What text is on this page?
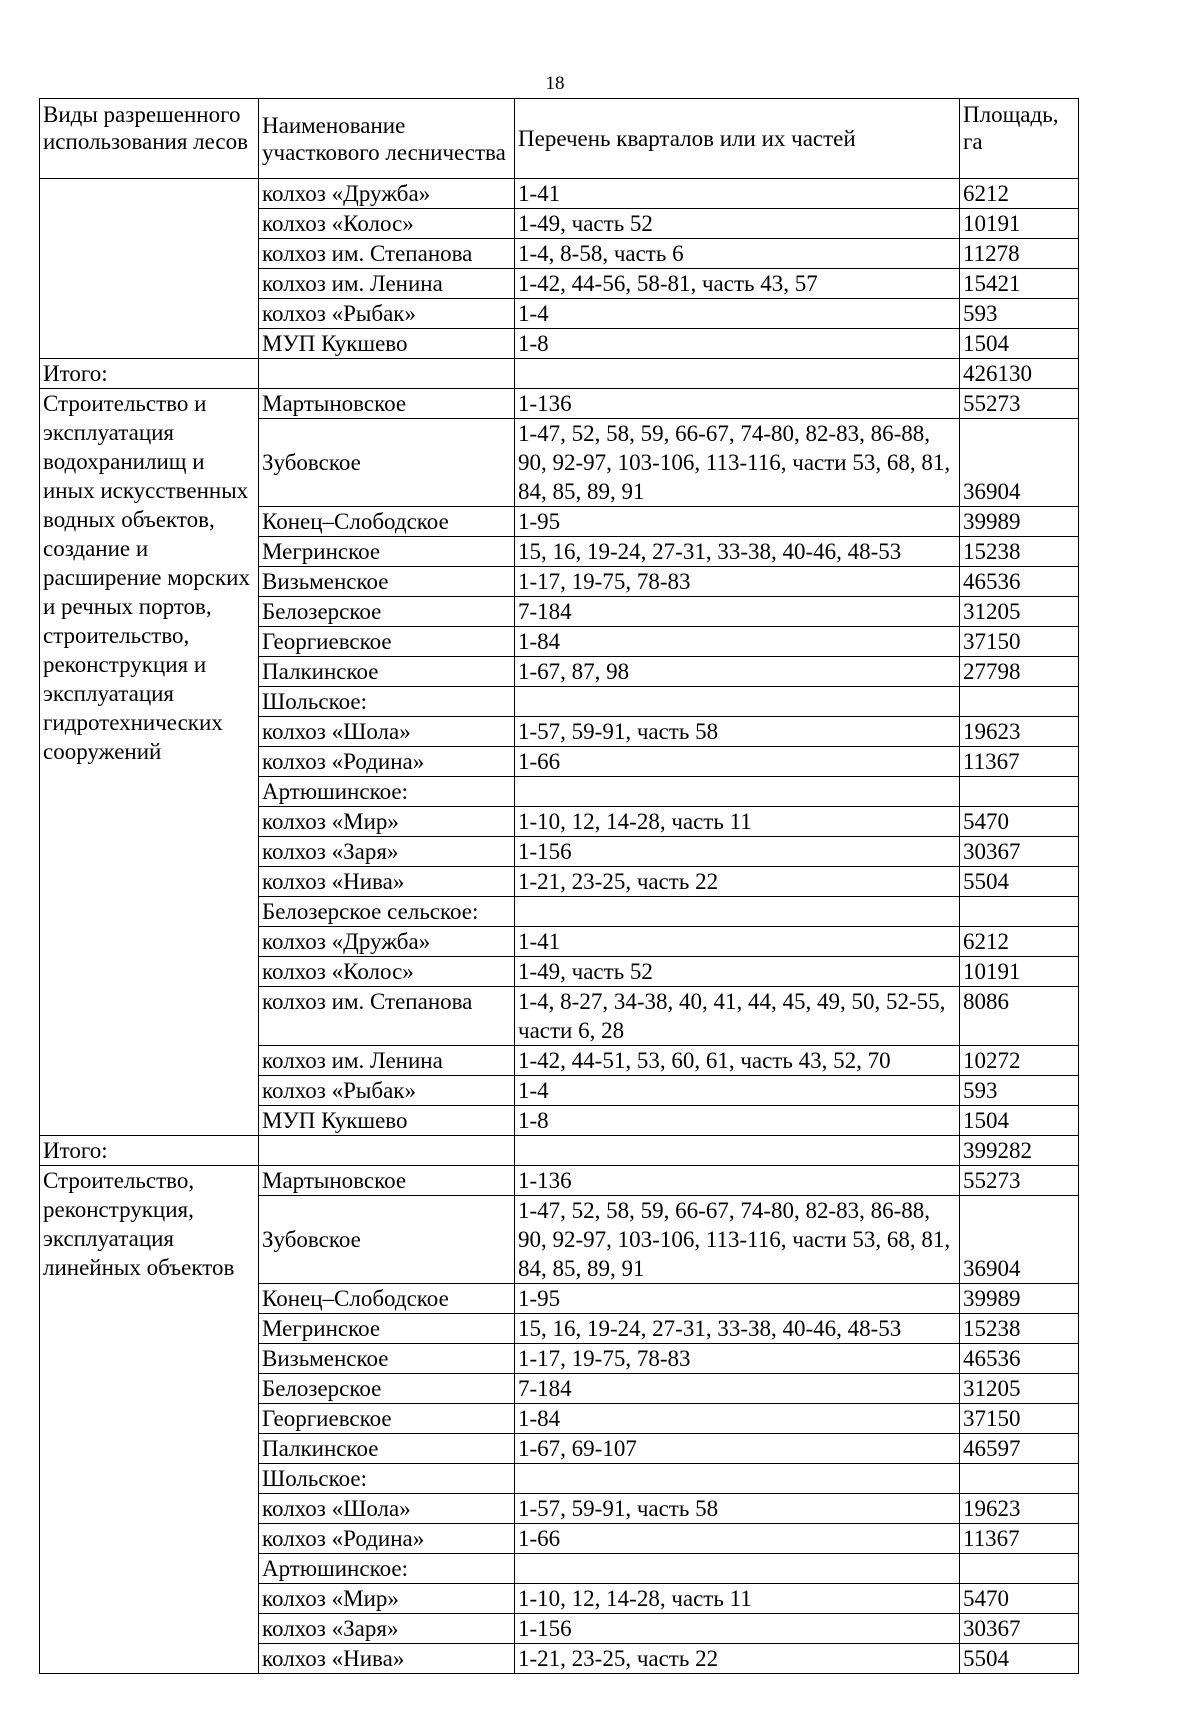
18
Виды разрешенного использования лесов	Наименование участкового лесничества	Перечень кварталов или их частей	Площадь, га
	колхоз «Дружба»	1-41	6212
	колхоз «Колос»	1-49, часть 52	10191
	колхоз им. Степанова	1-4, 8-58, часть 6	11278
	колхоз им. Ленина	1-42, 44-56, 58-81, часть 43, 57	15421
	колхоз «Рыбак»	1-4	593
	МУП Кукшево	1-8	1504
Итого:			426130
Строительство и эксплуатация водохранилищ и иных искусственных водных объектов, создание и расширение морских и речных портов, строительство, реконструкция и эксплуатация гидротехнических сооружений	Мартыновское	1-136	55273
	Зубовское	1-47, 52, 58, 59, 66-67, 74-80, 82-83, 86-88, 90, 92-97, 103-106, 113-116, части 53, 68, 81, 84, 85, 89, 91	36904
	Конец–Слободское	1-95	39989
	Мегринское	15, 16, 19-24, 27-31, 33-38, 40-46, 48-53	15238
	Визьменское	1-17, 19-75, 78-83	46536
	Белозерское	7-184	31205
	Георгиевское	1-84	37150
	Палкинское	1-67, 87, 98	27798
	Шольское:		
	колхоз «Шола»	1-57, 59-91, часть 58	19623
	колхоз «Родина»	1-66	11367
	Артюшинское:		
	колхоз «Мир»	1-10, 12, 14-28, часть 11	5470
	колхоз «Заря»	1-156	30367
	колхоз «Нива»	1-21, 23-25, часть 22	5504
	Белозерское сельское:		
	колхоз «Дружба»	1-41	6212
	колхоз «Колос»	1-49, часть 52	10191
	колхоз им. Степанова	1-4, 8-27, 34-38, 40, 41, 44, 45, 49, 50, 52-55, части 6, 28	8086
	колхоз им. Ленина	1-42, 44-51, 53, 60, 61, часть 43, 52, 70	10272
	колхоз «Рыбак»	1-4	593
	МУП Кукшево	1-8	1504
Итого:			399282
Строительство, реконструкция, эксплуатация линейных объектов	Мартыновское	1-136	55273
	Зубовское	1-47, 52, 58, 59, 66-67, 74-80, 82-83, 86-88, 90, 92-97, 103-106, 113-116, части 53, 68, 81, 84, 85, 89, 91	36904
	Конец–Слободское	1-95	39989
	Мегринское	15, 16, 19-24, 27-31, 33-38, 40-46, 48-53	15238
	Визьменское	1-17, 19-75, 78-83	46536
	Белозерское	7-184	31205
	Георгиевское	1-84	37150
	Палкинское	1-67, 69-107	46597
	Шольское:		
	колхоз «Шола»	1-57, 59-91, часть 58	19623
	колхоз «Родина»	1-66	11367
	Артюшинское:		
	колхоз «Мир»	1-10, 12, 14-28, часть 11	5470
	колхоз «Заря»	1-156	30367
	колхоз «Нива»	1-21, 23-25, часть 22	5504
